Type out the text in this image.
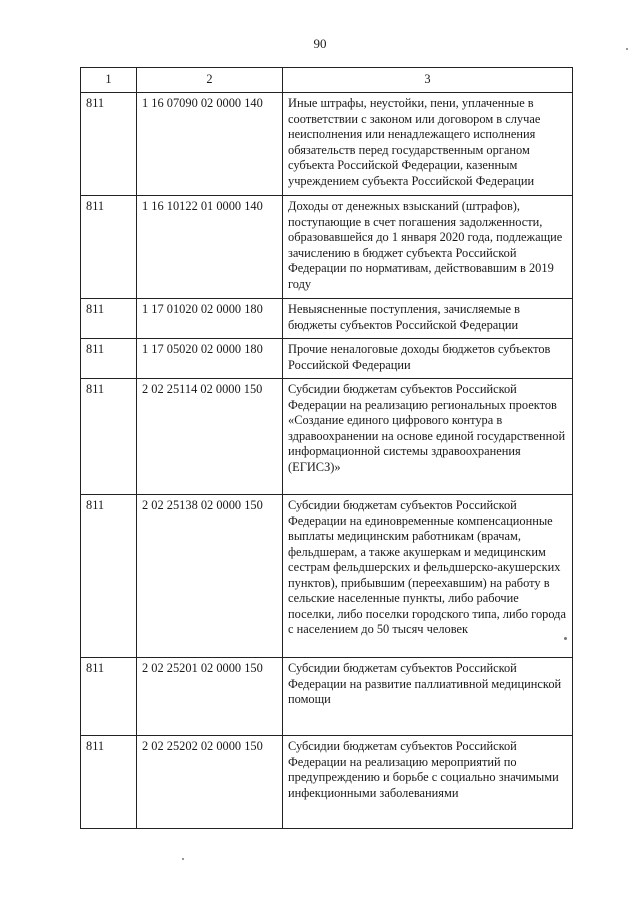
90
1	2	3
811	1 16 07090 02 0000 140	Иные штрафы, неустойки, пени, уплаченные в соответствии с законом или договором в случае неисполнения или ненадлежащего исполнения обязательств перед государственным органом субъекта Российской Федерации, казенным учреждением субъекта Российской Федерации
811	1 16 10122 01 0000 140	Доходы от денежных взысканий (штрафов), поступающие в счет погашения задолженности, образовавшейся до 1 января 2020 года, подлежащие зачислению в бюджет субъекта Российской Федерации по нормативам, действовавшим в 2019 году
811	1 17 01020 02 0000 180	Невыясненные поступления, зачисляемые в бюджеты субъектов Российской Федерации
811	1 17 05020 02 0000 180	Прочие неналоговые доходы бюджетов субъектов Российской Федерации
811	2 02 25114 02 0000 150	Субсидии бюджетам субъектов Российской Федерации на реализацию региональных проектов «Создание единого цифрового контура в здравоохранении на основе единой государственной информационной системы здравоохранения (ЕГИСЗ)»
811	2 02 25138 02 0000 150	Субсидии бюджетам субъектов Российской Федерации на единовременные компенсационные выплаты медицинским работникам (врачам, фельдшерам, а также акушеркам и медицинским сестрам фельдшерских и фельдшерско-акушерских пунктов), прибывшим (переехавшим) на работу в сельские населенные пункты, либо рабочие поселки, либо поселки городского типа, либо города с населением до 50 тысяч человек
811	2 02 25201 02 0000 150	Субсидии бюджетам субъектов Российской Федерации на развитие паллиативной медицинской помощи
811	2 02 25202 02 0000 150	Субсидии бюджетам субъектов Российской Федерации на реализацию мероприятий по предупреждению и борьбе с социально значимыми инфекционными заболеваниями
